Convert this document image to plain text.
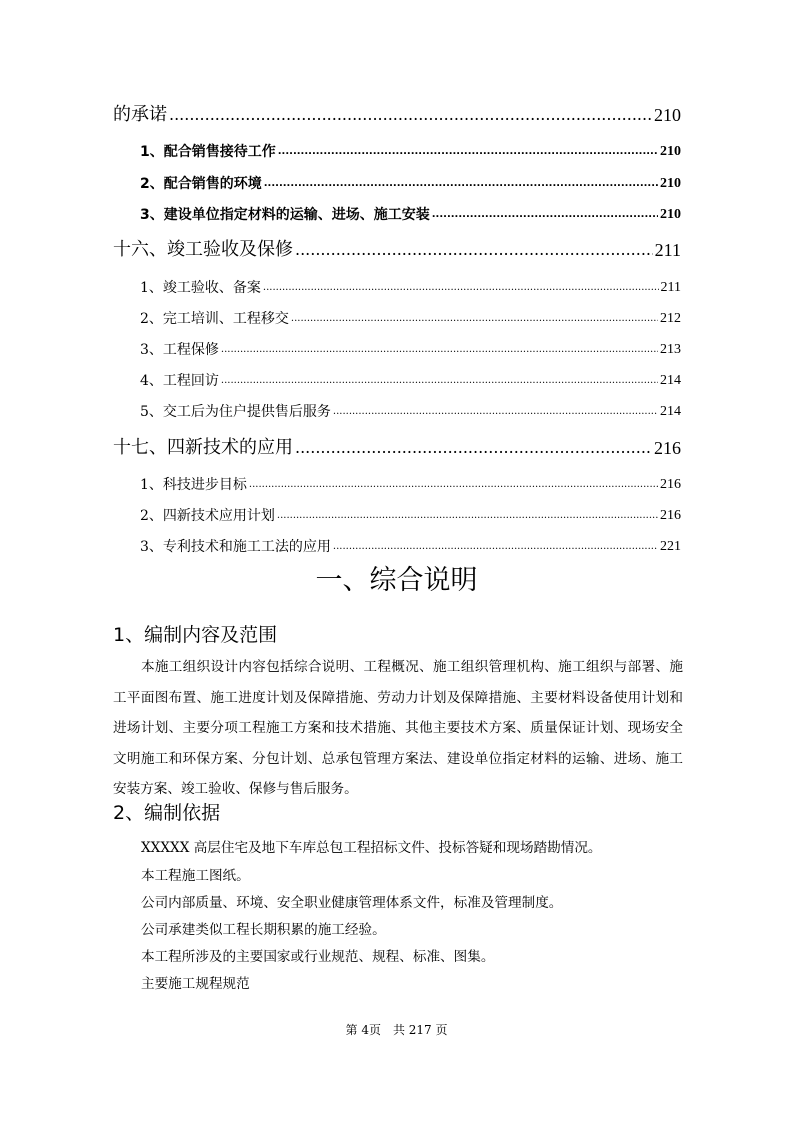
的承诺 .....	210
1、配合销售接待工作 .....	210
2、配合销售的环境 .....	210
3、建设单位指定材料的运输、进场、施工安装 .....	210
十六、竣工验收及保修 .....	211
1、竣工验收、备案 .....	211
2、完工培训、工程移交 .....	212
3、工程保修 .....	213
4、工程回访 .....	214
5、交工后为住户提供售后服务 .....	214
十七、四新技术的应用 .....	216
1、科技进步目标 .....	216
2、四新技术应用计划 .....	216
3、专利技术和施工工法的应用 .....	221
一、综合说明
1、编制内容及范围
本施工组织设计内容包括综合说明、工程概况、施工组织管理机构、施工组织与部署、施工平面图布置、施工进度计划及保障措施、劳动力计划及保障措施、主要材料设备使用计划和进场计划、主要分项工程施工方案和技术措施、其他主要技术方案、质量保证计划、现场安全文明施工和环保方案、分包计划、总承包管理方案法、建设单位指定材料的运输、进场、施工安装方案、竣工验收、保修与售后服务。
2、编制依据
XXXXX 高层住宅及地下车库总包工程招标文件、投标答疑和现场踏勘情况。
本工程施工图纸。
公司内部质量、环境、安全职业健康管理体系文件，标准及管理制度。
公司承建类似工程长期积累的施工经验。
本工程所涉及的主要国家或行业规范、规程、标准、图集。
主要施工规程规范
第 4页　共 217 页
